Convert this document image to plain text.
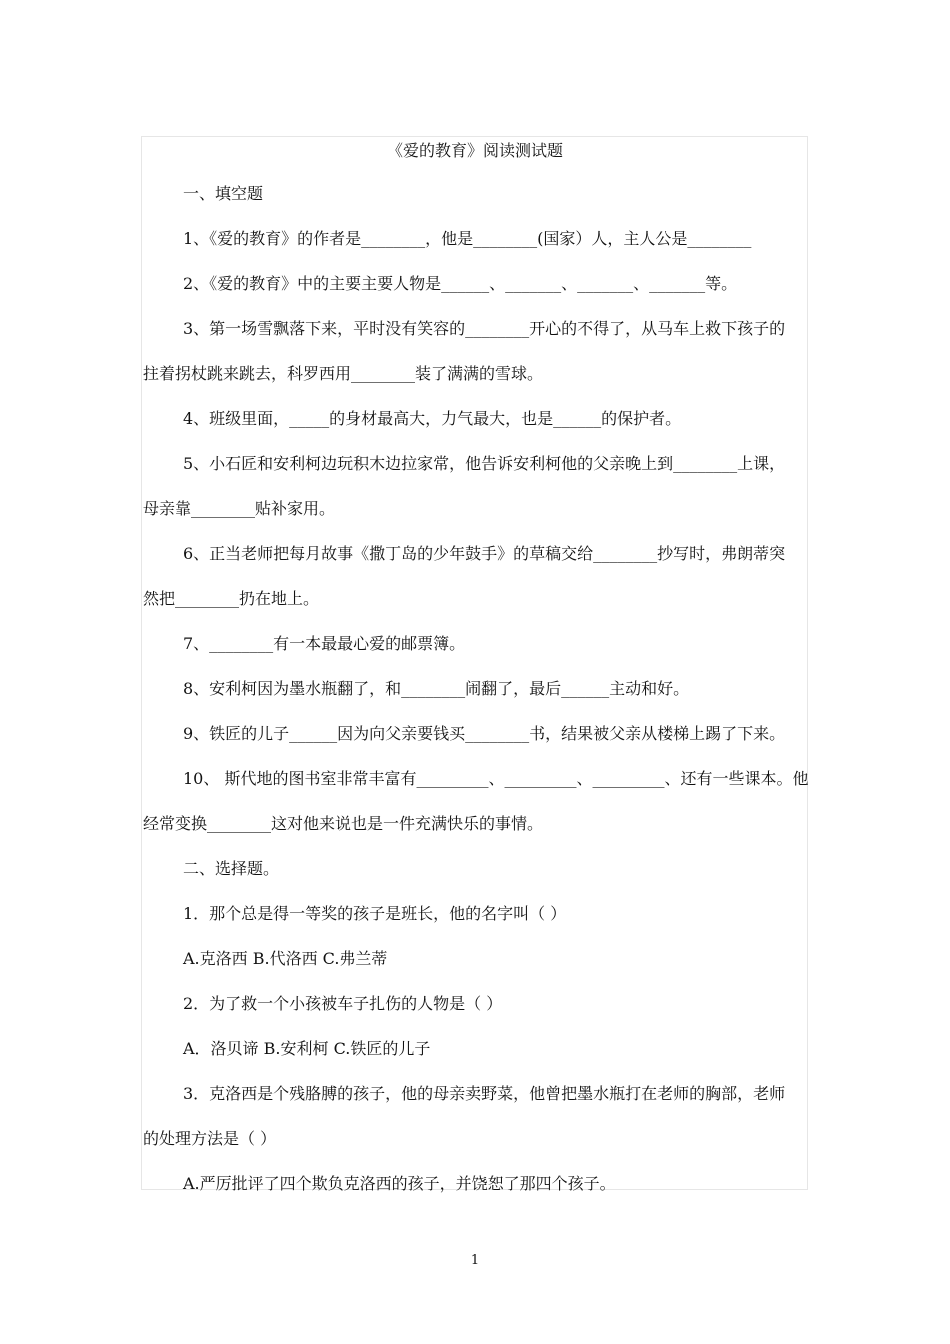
《爱的教育》阅读测试题
一、填空题
1、《爱的教育》的作者是________，他是________(国家）人，主人公是________
2、《爱的教育》中的主要主要人物是______、_______、_______、_______等。
3、第一场雪飘落下来，平时没有笑容的________开心的不得了，从马车上救下孩子的
拄着拐杖跳来跳去，科罗西用________装了满满的雪球。
4、班级里面，_____的身材最高大，力气最大，也是______的保护者。
5、小石匠和安利柯边玩积木边拉家常，他告诉安利柯他的父亲晚上到________上课，
母亲靠________贴补家用。
6、正当老师把每月故事《撒丁岛的少年鼓手》的草稿交给________抄写时，弗朗蒂突
然把________扔在地上。
7、________有一本最最心爱的邮票簿。
8、安利柯因为墨水瓶翻了，和________闹翻了，最后______主动和好。
9、铁匠的儿子______因为向父亲要钱买________书，结果被父亲从楼梯上踢了下来。
10、 斯代地的图书室非常丰富有_________、_________、_________、还有一些课本。他
经常变换________这对他来说也是一件充满快乐的事情。
二、选择题。
1．那个总是得一等奖的孩子是班长，他的名字叫（ ）
A.克洛西 B.代洛西 C.弗兰蒂
2．为了救一个小孩被车子扎伤的人物是（ ）
A．洛贝谛 B.安利柯 C.铁匠的儿子
3．克洛西是个残胳膊的孩子，他的母亲卖野菜，他曾把墨水瓶打在老师的胸部，老师
的处理方法是（ ）
A.严厉批评了四个欺负克洛西的孩子，并饶恕了那四个孩子。
1
